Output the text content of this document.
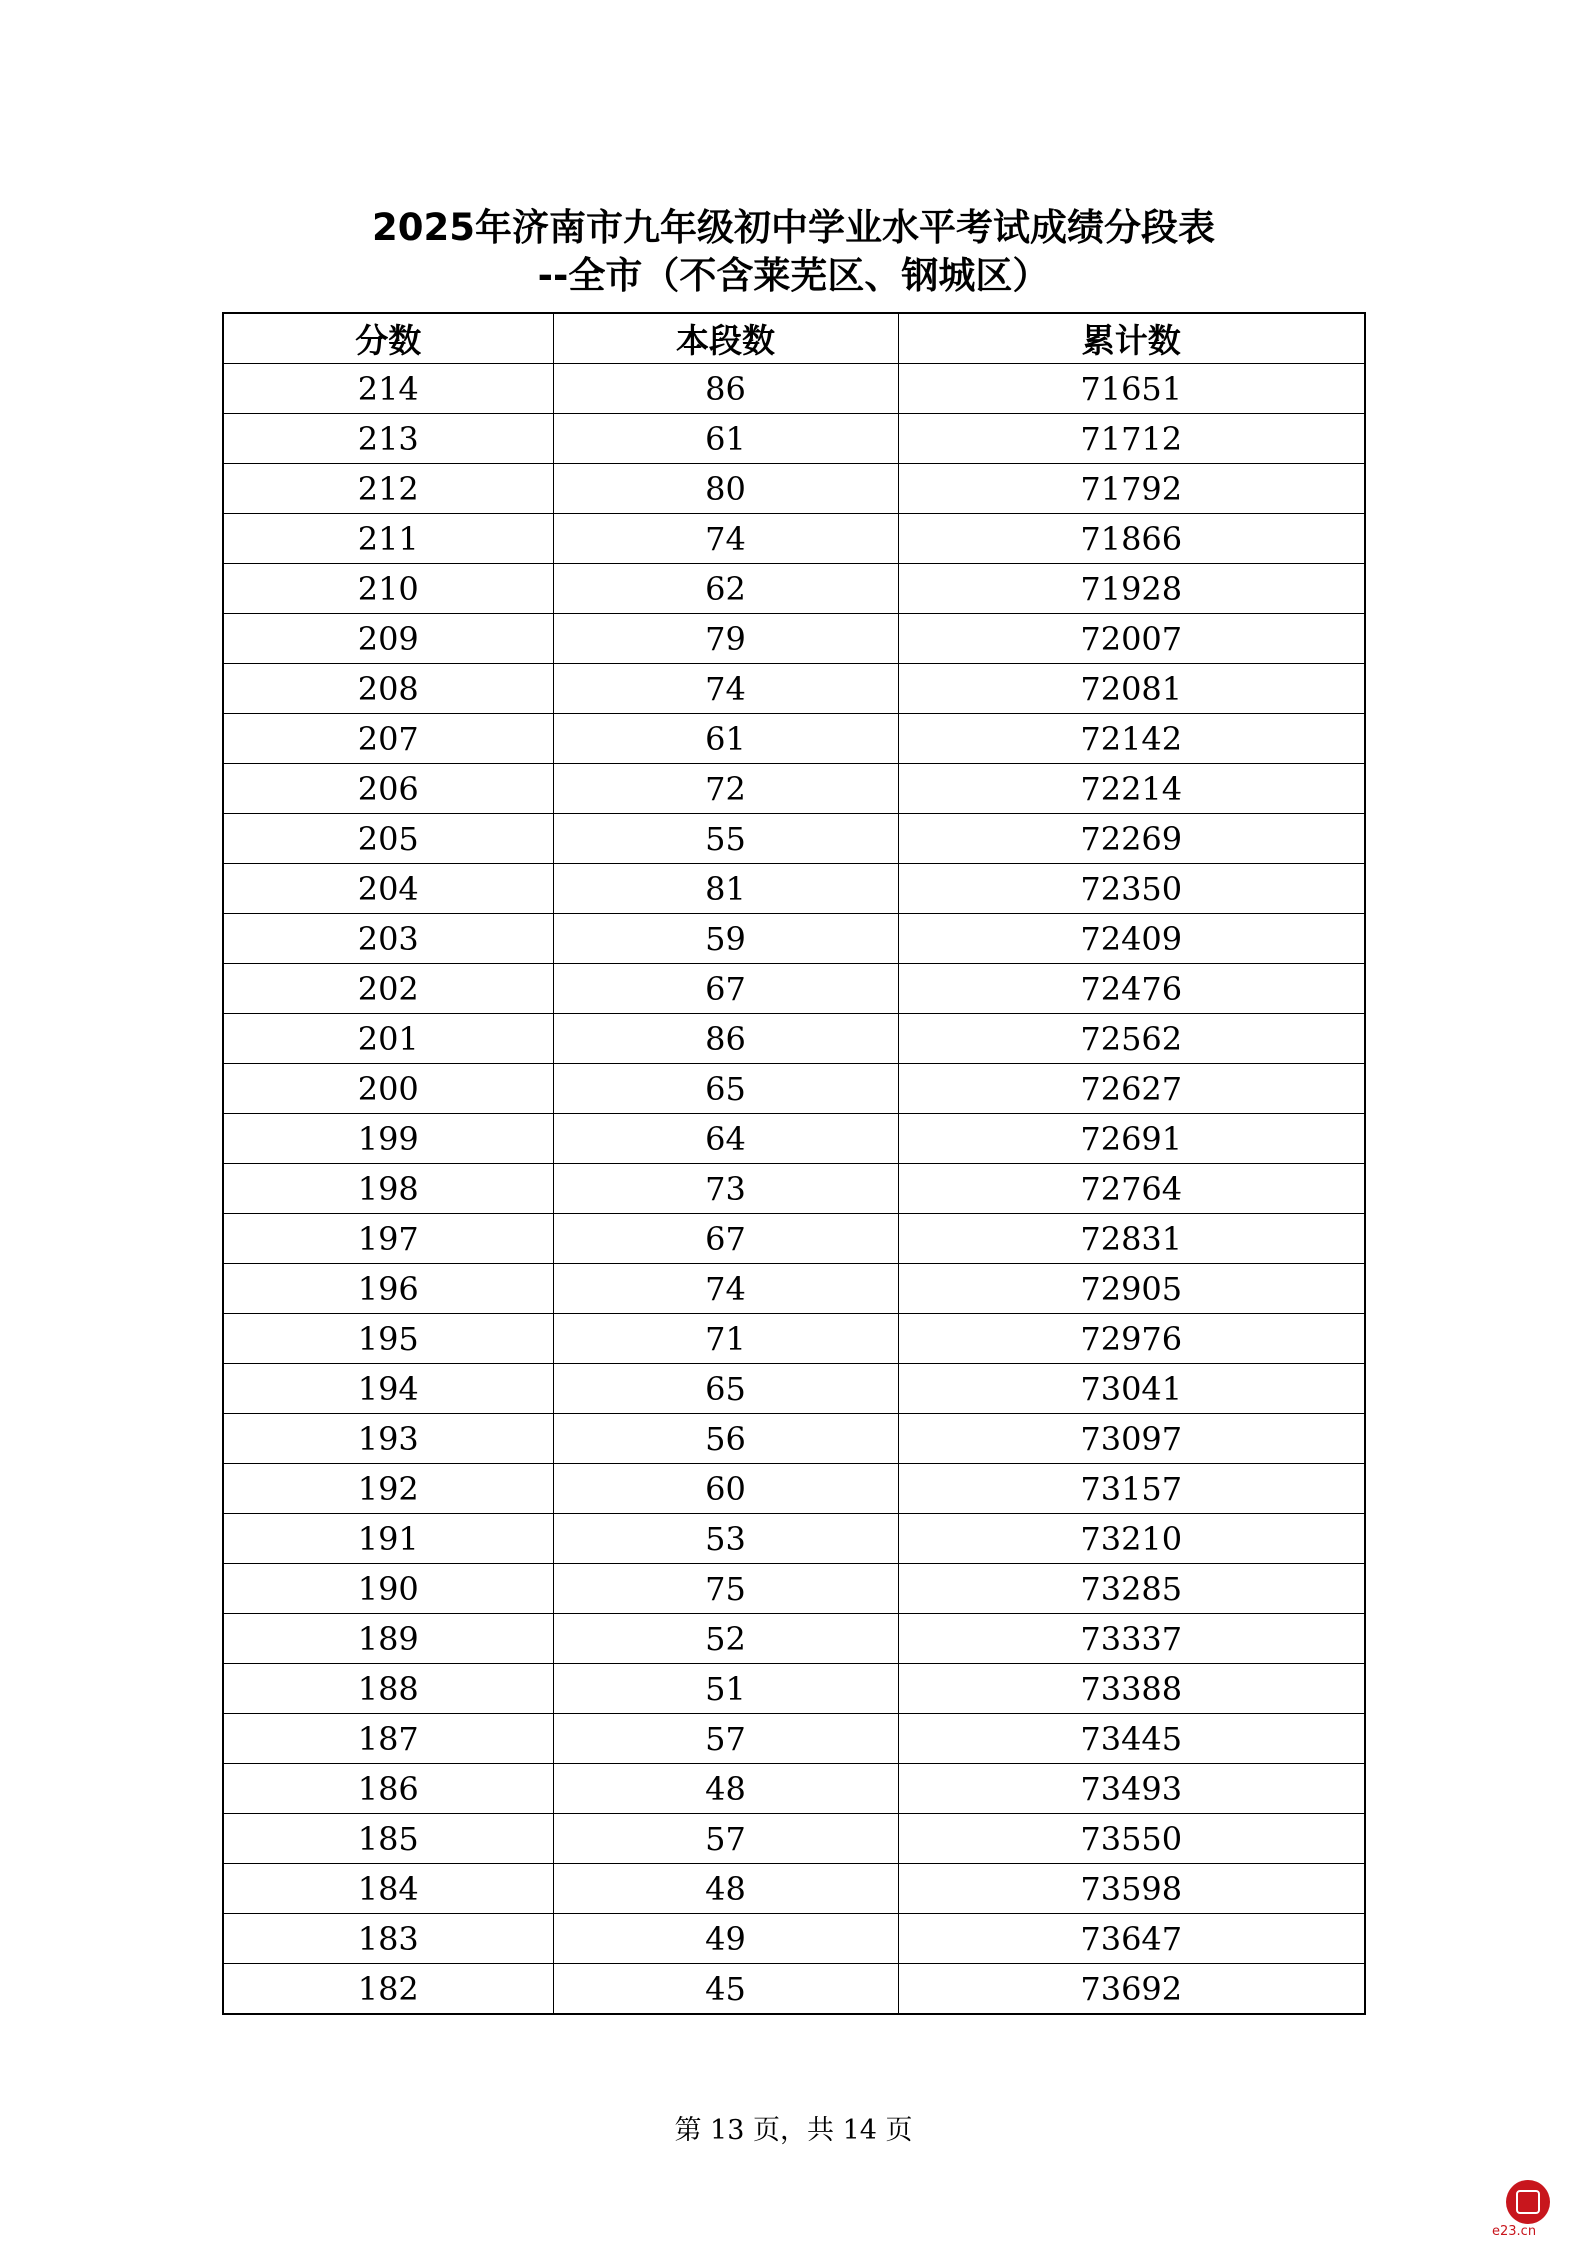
2025年济南市九年级初中学业水平考试成绩分段表
--全市（不含莱芜区、钢城区）
分数	本段数	累计数
214	86	71651
213	61	71712
212	80	71792
211	74	71866
210	62	71928
209	79	72007
208	74	72081
207	61	72142
206	72	72214
205	55	72269
204	81	72350
203	59	72409
202	67	72476
201	86	72562
200	65	72627
199	64	72691
198	73	72764
197	67	72831
196	74	72905
195	71	72976
194	65	73041
193	56	73097
192	60	73157
191	53	73210
190	75	73285
189	52	73337
188	51	73388
187	57	73445
186	48	73493
185	57	73550
184	48	73598
183	49	73647
182	45	73692
第 13 页，共 14 页
e23.cn
